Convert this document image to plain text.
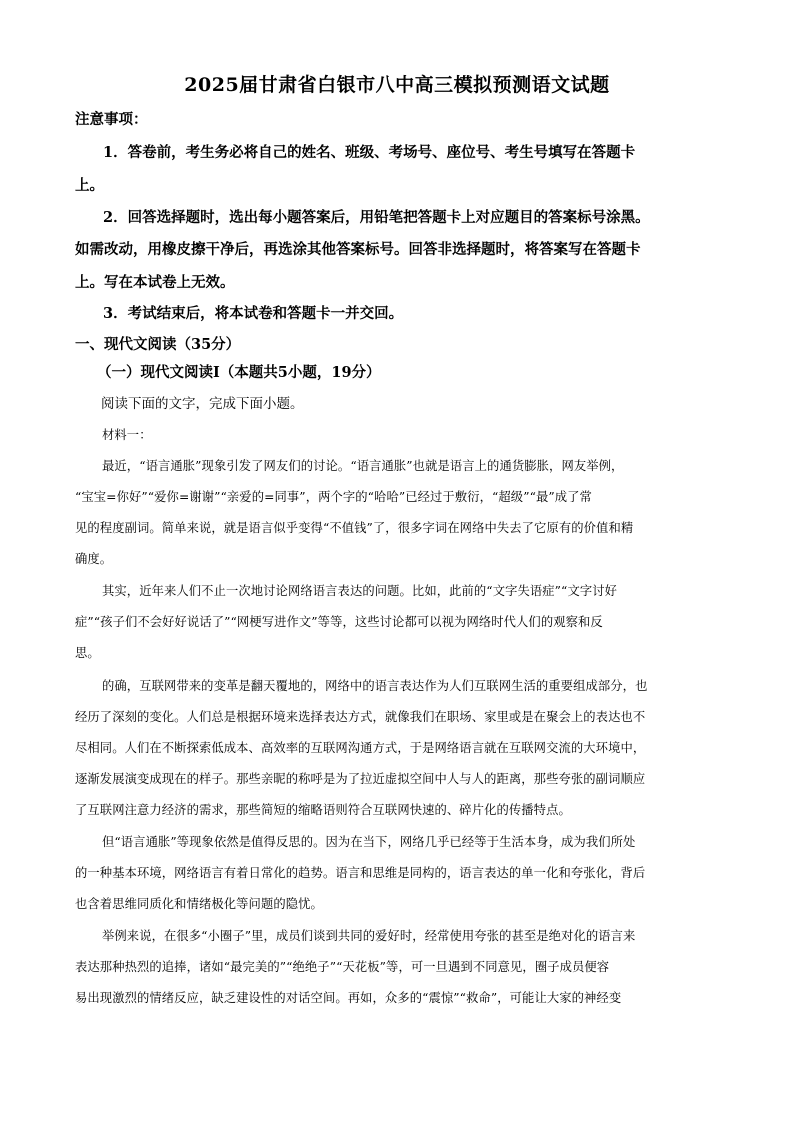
2025届甘肃省白银市八中高三模拟预测语文试题
注意事项：
1．答卷前，考生务必将自己的姓名、班级、考场号、座位号、考生号填写在答题卡
上。
2．回答选择题时，选出每小题答案后，用铅笔把答题卡上对应题目的答案标号涂黑。
如需改动，用橡皮擦干净后，再选涂其他答案标号。回答非选择题时，将答案写在答题卡
上。写在本试卷上无效。
3．考试结束后，将本试卷和答题卡一并交回。
一、现代文阅读（35分）
（一）现代文阅读Ⅰ（本题共5小题，19分）
阅读下面的文字，完成下面小题。
材料一：
最近，“语言通胀”现象引发了网友们的讨论。“语言通胀”也就是语言上的通货膨胀，网友举例，
“宝宝=你好”“爱你=谢谢”“亲爱的=同事”，两个字的“哈哈”已经过于敷衍，“超级”“最”成了常
见的程度副词。简单来说，就是语言似乎变得“不值钱”了，很多字词在网络中失去了它原有的价值和精
确度。
其实，近年来人们不止一次地讨论网络语言表达的问题。比如，此前的“文字失语症”“文字讨好
症”“孩子们不会好好说话了”“网梗写进作文”等等，这些讨论都可以视为网络时代人们的观察和反
思。
的确，互联网带来的变革是翻天覆地的，网络中的语言表达作为人们互联网生活的重要组成部分，也
经历了深刻的变化。人们总是根据环境来选择表达方式，就像我们在职场、家里或是在聚会上的表达也不
尽相同。人们在不断探索低成本、高效率的互联网沟通方式，于是网络语言就在互联网交流的大环境中，
逐渐发展演变成现在的样子。那些亲昵的称呼是为了拉近虚拟空间中人与人的距离，那些夸张的副词顺应
了互联网注意力经济的需求，那些简短的缩略语则符合互联网快速的、碎片化的传播特点。
但“语言通胀”等现象依然是值得反思的。因为在当下，网络几乎已经等于生活本身，成为我们所处
的一种基本环境，网络语言有着日常化的趋势。语言和思维是同构的，语言表达的单一化和夸张化，背后
也含着思维同质化和情绪极化等问题的隐忧。
举例来说，在很多“小圈子”里，成员们谈到共同的爱好时，经常使用夸张的甚至是绝对化的语言来
表达那种热烈的追捧，诸如“最完美的”“绝绝子”“天花板”等，可一旦遇到不同意见，圈子成员便容
易出现激烈的情绪反应，缺乏建设性的对话空间。再如，众多的“震惊”“救命”，可能让大家的神经变
